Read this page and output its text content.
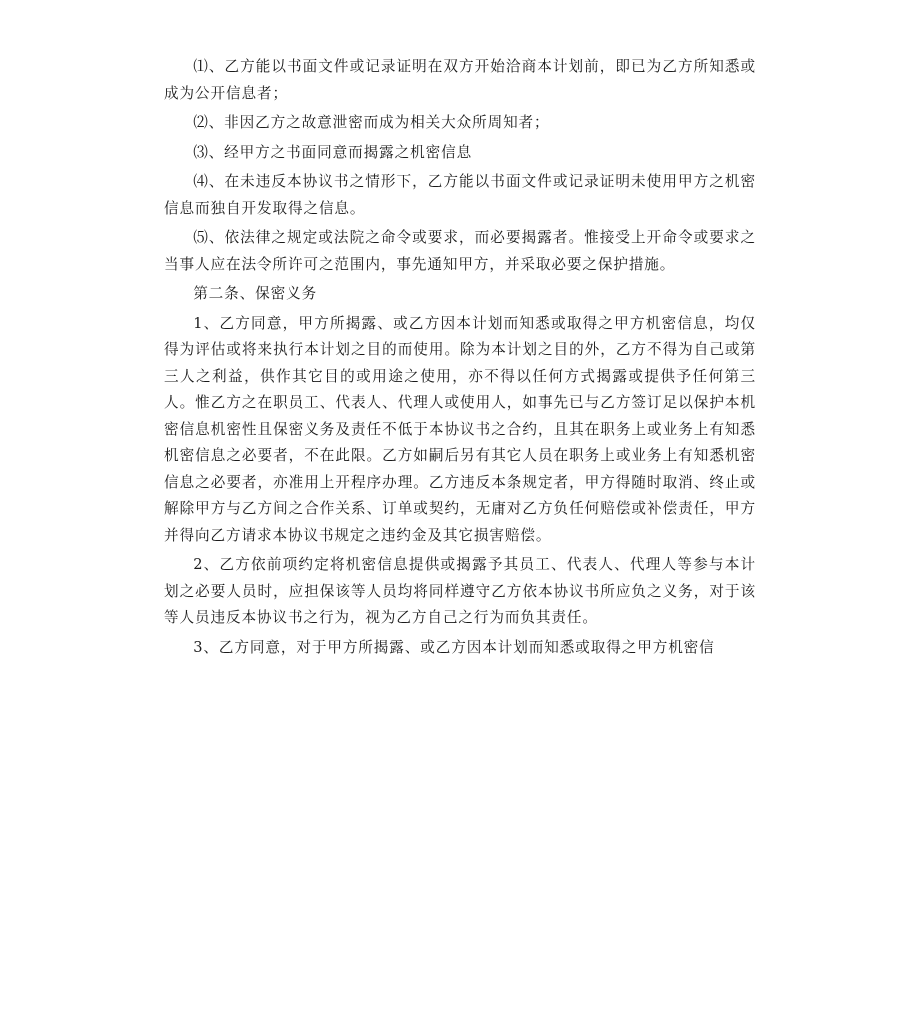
⑴、乙方能以书面文件或记录证明在双方开始洽商本计划前，即已为乙方所知悉或成为公开信息者；

⑵、非因乙方之故意泄密而成为相关大众所周知者；

⑶、经甲方之书面同意而揭露之机密信息

⑷、在未违反本协议书之情形下，乙方能以书面文件或记录证明未使用甲方之机密信息而独自开发取得之信息。

⑸、依法律之规定或法院之命令或要求，而必要揭露者。惟接受上开命令或要求之当事人应在法令所许可之范围内，事先通知甲方，并采取必要之保护措施。

第二条、保密义务

1、乙方同意，甲方所揭露、或乙方因本计划而知悉或取得之甲方机密信息，均仅得为评估或将来执行本计划之目的而使用。除为本计划之目的外，乙方不得为自己或第三人之利益，供作其它目的或用途之使用，亦不得以任何方式揭露或提供予任何第三人。惟乙方之在职员工、代表人、代理人或使用人，如事先已与乙方签订足以保护本机密信息机密性且保密义务及责任不低于本协议书之合约，且其在职务上或业务上有知悉机密信息之必要者，不在此限。乙方如嗣后另有其它人员在职务上或业务上有知悉机密信息之必要者，亦准用上开程序办理。乙方违反本条规定者，甲方得随时取消、终止或解除甲方与乙方间之合作关系、订单或契约，无庸对乙方负任何赔偿或补偿责任，甲方并得向乙方请求本协议书规定之违约金及其它损害赔偿。

2、乙方依前项约定将机密信息提供或揭露予其员工、代表人、代理人等参与本计划之必要人员时，应担保该等人员均将同样遵守乙方依本协议书所应负之义务，对于该等人员违反本协议书之行为，视为乙方自己之行为而负其责任。

3、乙方同意，对于甲方所揭露、或乙方因本计划而知悉或取得之甲方机密信
